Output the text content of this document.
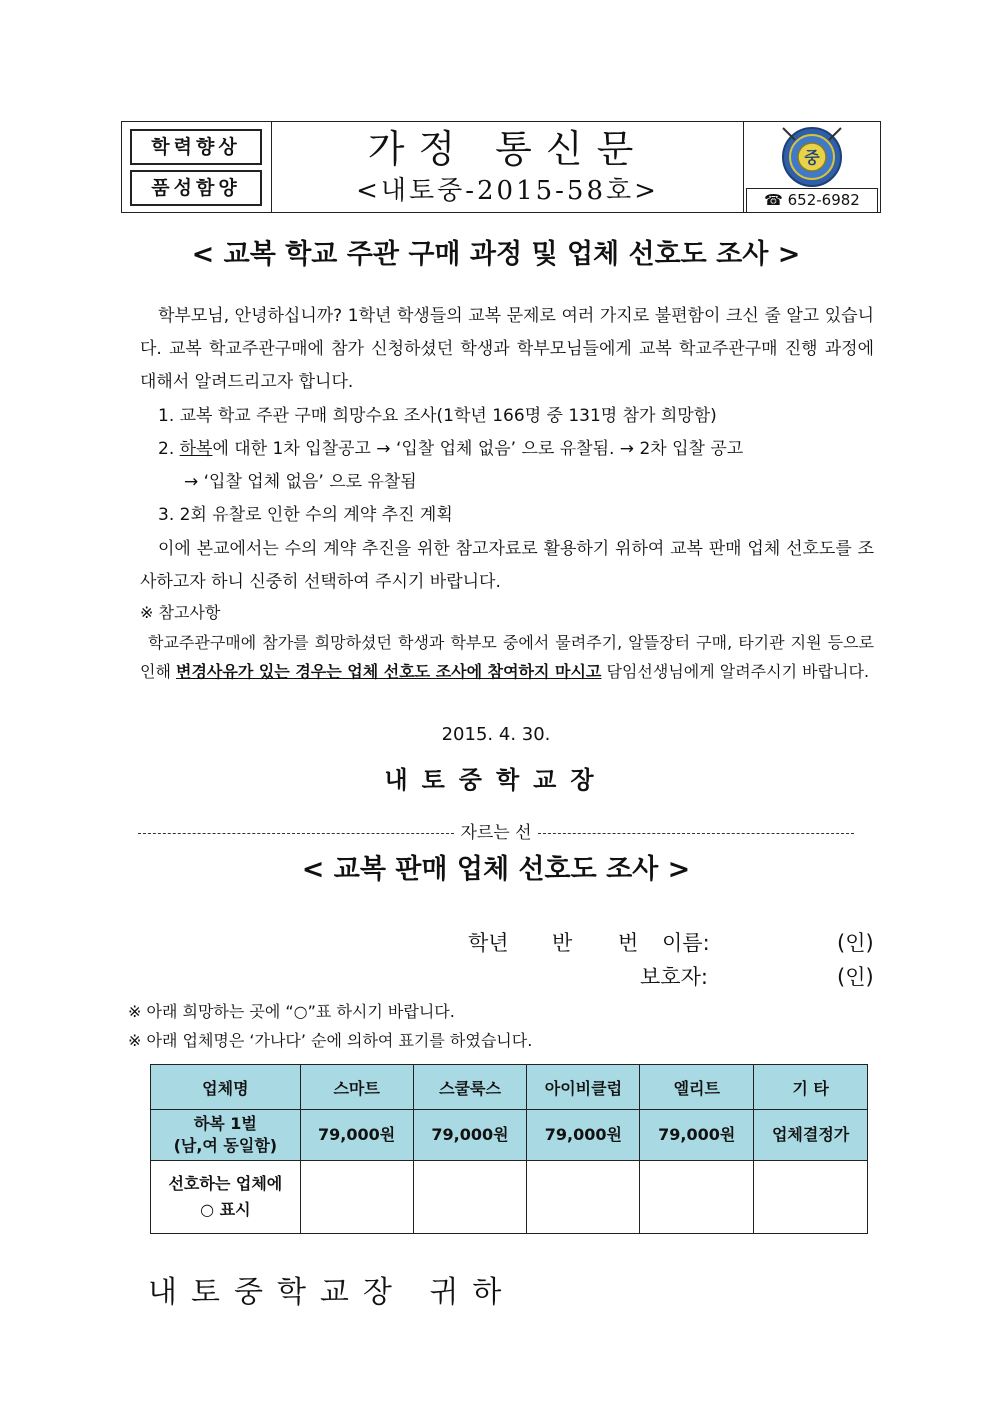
학력향상
품성함양
가정 통신문
<내토중-2015-58호>
중
☎ 652-6982
< 교복 학교 주관 구매 과정 및 업체 선호도 조사 >
학부모님, 안녕하십니까? 1학년 학생들의 교복 문제로 여러 가지로 불편함이 크신 줄 알고 있습니다. 교복 학교주관구매에 참가 신청하셨던 학생과 학부모님들에게 교복 학교주관구매 진행 과정에 대해서 알려드리고자 합니다.
1. 교복 학교 주관 구매 희망수요 조사(1학년 166명 중 131명 참가 희망함)
2. 하복에 대한 1차 입찰공고 → ‘입찰 업체 없음’ 으로 유찰됨. → 2차 입찰 공고
→ ‘입찰 업체 없음’ 으로 유찰됨
3. 2회 유찰로 인한 수의 계약 추진 계획
이에 본교에서는 수의 계약 추진을 위한 참고자료로 활용하기 위하여 교복 판매 업체 선호도를 조사하고자 하니 신중히 선택하여 주시기 바랍니다.
※ 참고사항
학교주관구매에 참가를 희망하셨던 학생과 학부모 중에서 물려주기, 알뜰장터 구매, 타기관 지원 등으로 인해 변경사유가 있는 경우는 업체 선호도 조사에 참여하지 마시고 담임선생님에게 알려주시기 바랍니다.
2015. 4. 30.
내토중학교장
자르는 선
< 교복 판매 업체 선호도 조사 >
학년 반 번 이름:	(인)
보호자:	(인)
※ 아래 희망하는 곳에 “○”표 하시기 바랍니다.
※ 아래 업체명은 ‘가나다’ 순에 의하여 표기를 하였습니다.
업체명	스마트	스쿨룩스	아이비클럽	엘리트	기 타

하복 1벌
(남,여 동일함)	79,000원	79,000원	79,000원	79,000원	업체결정가

선호하는 업체에
○ 표시					

내토중학교장 귀하
